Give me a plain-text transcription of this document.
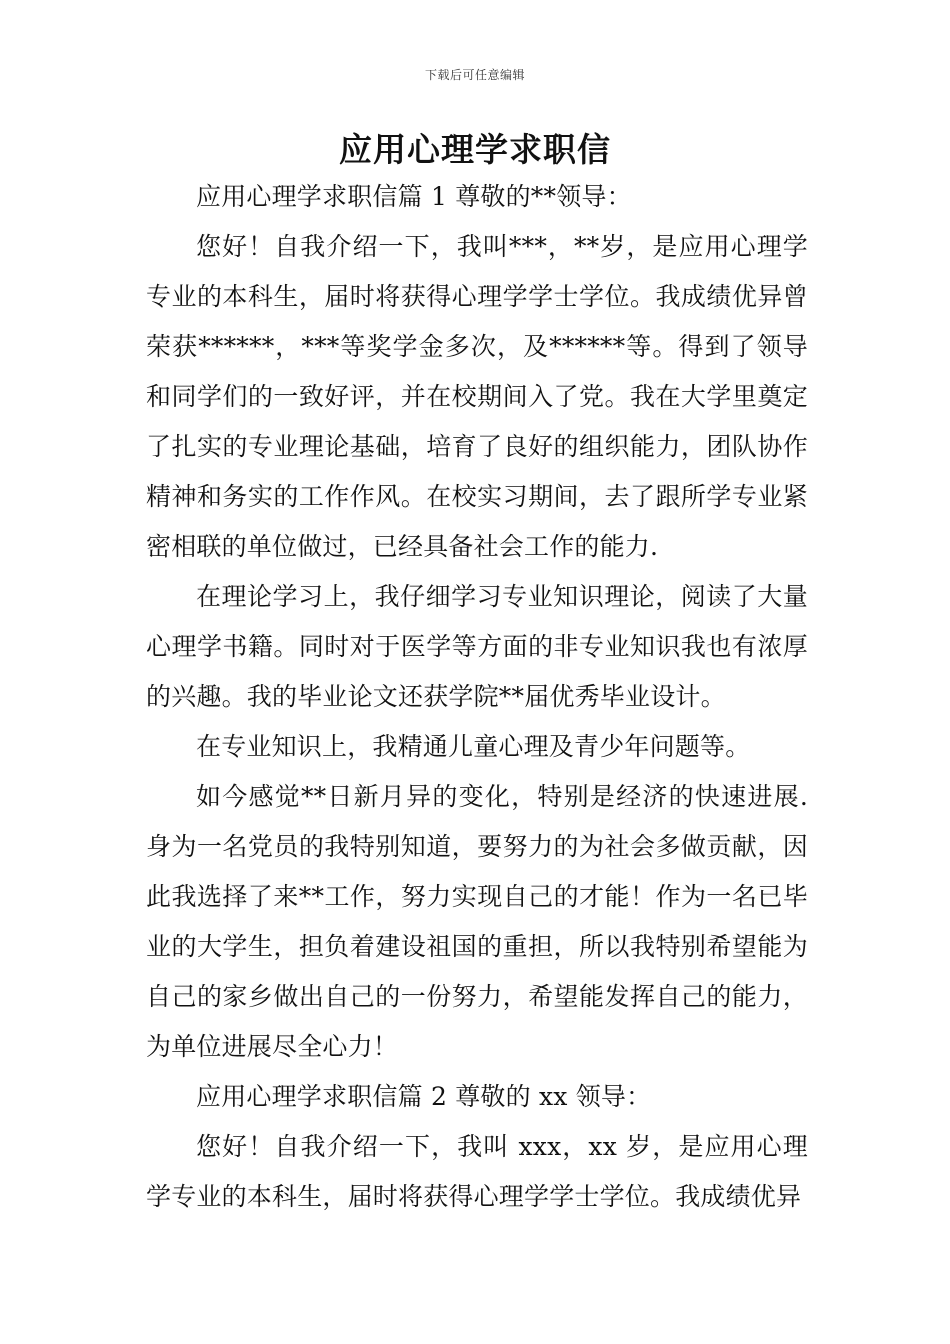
下载后可任意编辑
应用心理学求职信

应用心理学求职信篇 1 尊敬的**领导：

您好！自我介绍一下，我叫***，**岁，是应用心理学专业的本科生，届时将获得心理学学士学位。我成绩优异曾荣获******，***等奖学金多次，及******等。得到了领导和同学们的一致好评，并在校期间入了党。我在大学里奠定了扎实的专业理论基础，培育了良好的组织能力，团队协作精神和务实的工作作风。在校实习期间，去了跟所学专业紧密相联的单位做过，已经具备社会工作的能力.

在理论学习上，我仔细学习专业知识理论，阅读了大量心理学书籍。同时对于医学等方面的非专业知识我也有浓厚的兴趣。我的毕业论文还获学院**届优秀毕业设计。

在专业知识上，我精通儿童心理及青少年问题等。

如今感觉**日新月异的变化，特别是经济的快速进展.身为一名党员的我特别知道，要努力的为社会多做贡献，因此我选择了来**工作，努力实现自己的才能！作为一名已毕业的大学生，担负着建设祖国的重担，所以我特别希望能为自己的家乡做出自己的一份努力，希望能发挥自己的能力，为单位进展尽全心力！

应用心理学求职信篇 2 尊敬的 xx 领导：

您好！自我介绍一下，我叫 xxx，xx 岁，是应用心理学专业的本科生，届时将获得心理学学士学位。我成绩优异
